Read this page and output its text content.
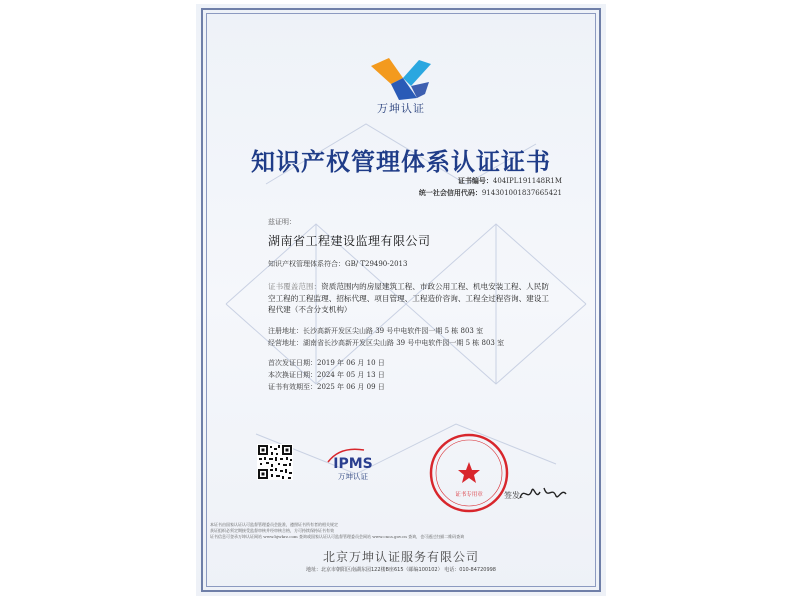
万坤认证
知识产权管理体系认证证书
证书编号：404IPL191148R1M
统一社会信用代码：914301001837665421
兹证明：
湖南省工程建设监理有限公司
知识产权管理体系符合：GB/ T29490-2013
证书覆盖范围：资质范围内的房屋建筑工程、市政公用工程、机电安装工程、人民防空工程的工程监理、招标代理、项目管理、工程造价咨询、工程全过程咨询、建设工程代建（不含分支机构）
注册地址：长沙高新开发区尖山路 39 号中电软件园一期 5 栋 803 室
经营地址：湖南省长沙高新开发区尖山路 39 号中电软件园一期 5 栋 803 室
首次发证日期：2019 年 06 月 10 日
本次换证日期：2024 年 05 月 13 日
证书有效期至：2025 年 06 月 09 日
IPMS
万坤认证
证书专用章	签发：
本证书由国家认证认可监督管理委员会批准，遵照证书所有者的相关规定
获证组织必须定期接受监督审核并经审核合格，方可持续保持证书有效
证书信息可登录万坤认证网站 www.bjwkrz.com 查询或国家认证认可监督管理委员会网站 www.cnca.gov.cn 查询，也可通过扫描二维码查询
北京万坤认证服务有限公司
地址：北京市朝阳区南湖东园122楼B座615（邮编100102） 电话：010-84720998
